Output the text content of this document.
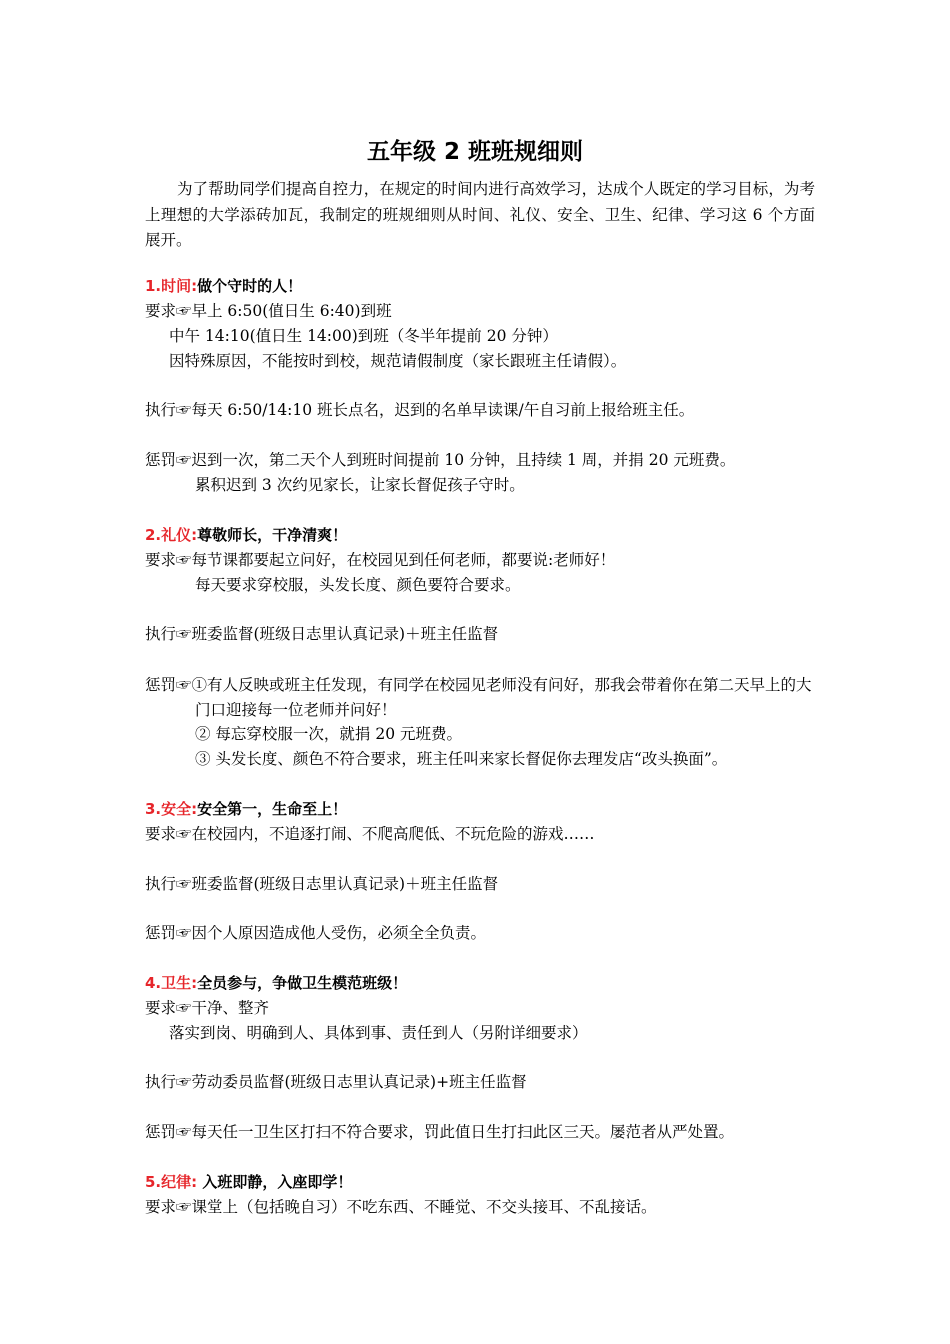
五年级 2 班班规细则

为了帮助同学们提高自控力，在规定的时间内进行高效学习，达成个人既定的学习目标，为考上理想的大学添砖加瓦，我制定的班规细则从时间、礼仪、安全、卫生、纪律、学习这 6 个方面展开。

1.时间:做个守时的人！
要求☞早上 6:50(值日生 6:40)到班
中午 14:10(值日生 14:00)到班（冬半年提前 20 分钟）
因特殊原因，不能按时到校，规范请假制度（家长跟班主任请假）。
执行☞每天 6:50/14:10 班长点名，迟到的名单早读课/午自习前上报给班主任。
惩罚☞迟到一次，第二天个人到班时间提前 10 分钟，且持续 1 周，并捐 20 元班费。
累积迟到 3 次约见家长，让家长督促孩子守时。
2.礼仪:尊敬师长，干净清爽！
要求☞每节课都要起立问好，在校园见到任何老师，都要说:老师好！
每天要求穿校服，头发长度、颜色要符合要求。
执行☞班委监督(班级日志里认真记录)＋班主任监督

惩罚☞①有人反映或班主任发现，有同学在校园见老师没有问好，那我会带着你在第二天早上的大门口迎接每一位老师并问好！

② 每忘穿校服一次，就捐 20 元班费。
③ 头发长度、颜色不符合要求，班主任叫来家长督促你去理发店“改头换面”。
3.安全:安全第一，生命至上！
要求☞在校园内，不追逐打闹、不爬高爬低、不玩危险的游戏……
执行☞班委监督(班级日志里认真记录)＋班主任监督
惩罚☞因个人原因造成他人受伤，必须全全负责。
4.卫生:全员参与，争做卫生模范班级！
要求☞干净、整齐
落实到岗、明确到人、具体到事、责任到人（另附详细要求）
执行☞劳动委员监督(班级日志里认真记录)+班主任监督
惩罚☞每天任一卫生区打扫不符合要求，罚此值日生打扫此区三天。屡范者从严处置。
5.纪律: 入班即静，入座即学！
要求☞课堂上（包括晚自习）不吃东西、不睡觉、不交头接耳、不乱接话。
